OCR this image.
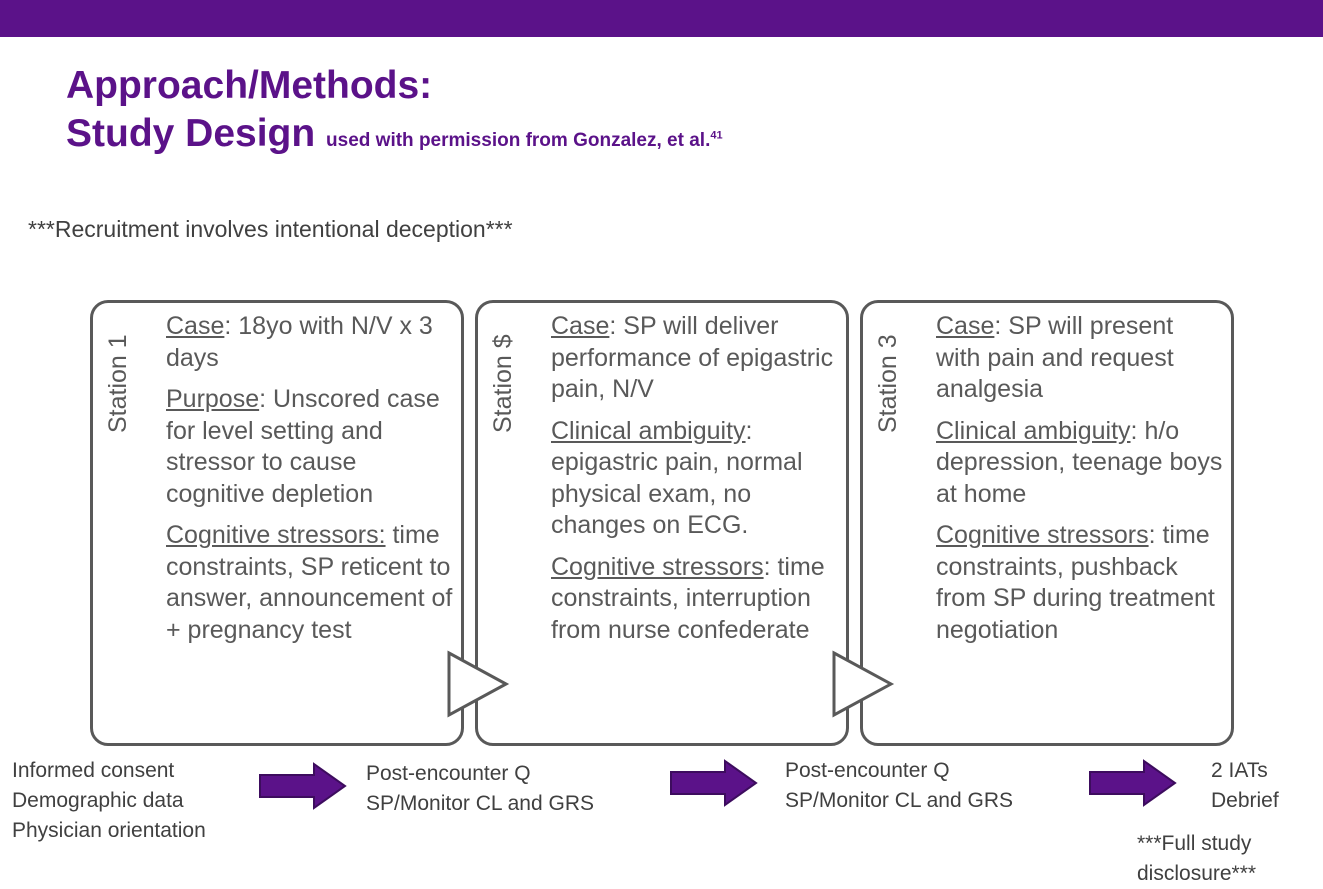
Approach/Methods:
Study Design used with permission from Gonzalez, et al.$^{41}$
***Recruitment involves intentional deception***
Station 1

Case: 18yo with N/V x 3 days

Purpose: Unscored case for level setting and stressor to cause cognitive depletion

Cognitive stressors: time constraints, SP reticent to answer, announcement of + pregnancy test

Station $

Case: SP will deliver performance of epigastric pain, N/V

Clinical ambiguity: epigastric pain, normal physical exam, no changes on ECG.

Cognitive stressors: time constraints, interruption from nurse confederate

Station 3

Case: SP will present with pain and request analgesia

Clinical ambiguity: h/o depression, teenage boys at home

Cognitive stressors: time constraints, pushback from SP during treatment negotiation

Informed consent
Demographic data
Physician orientation
Post-encounter Q
SP/Monitor CL and GRS
Post-encounter Q
SP/Monitor CL and GRS
2 IATs
Debrief
***Full study
disclosure***
